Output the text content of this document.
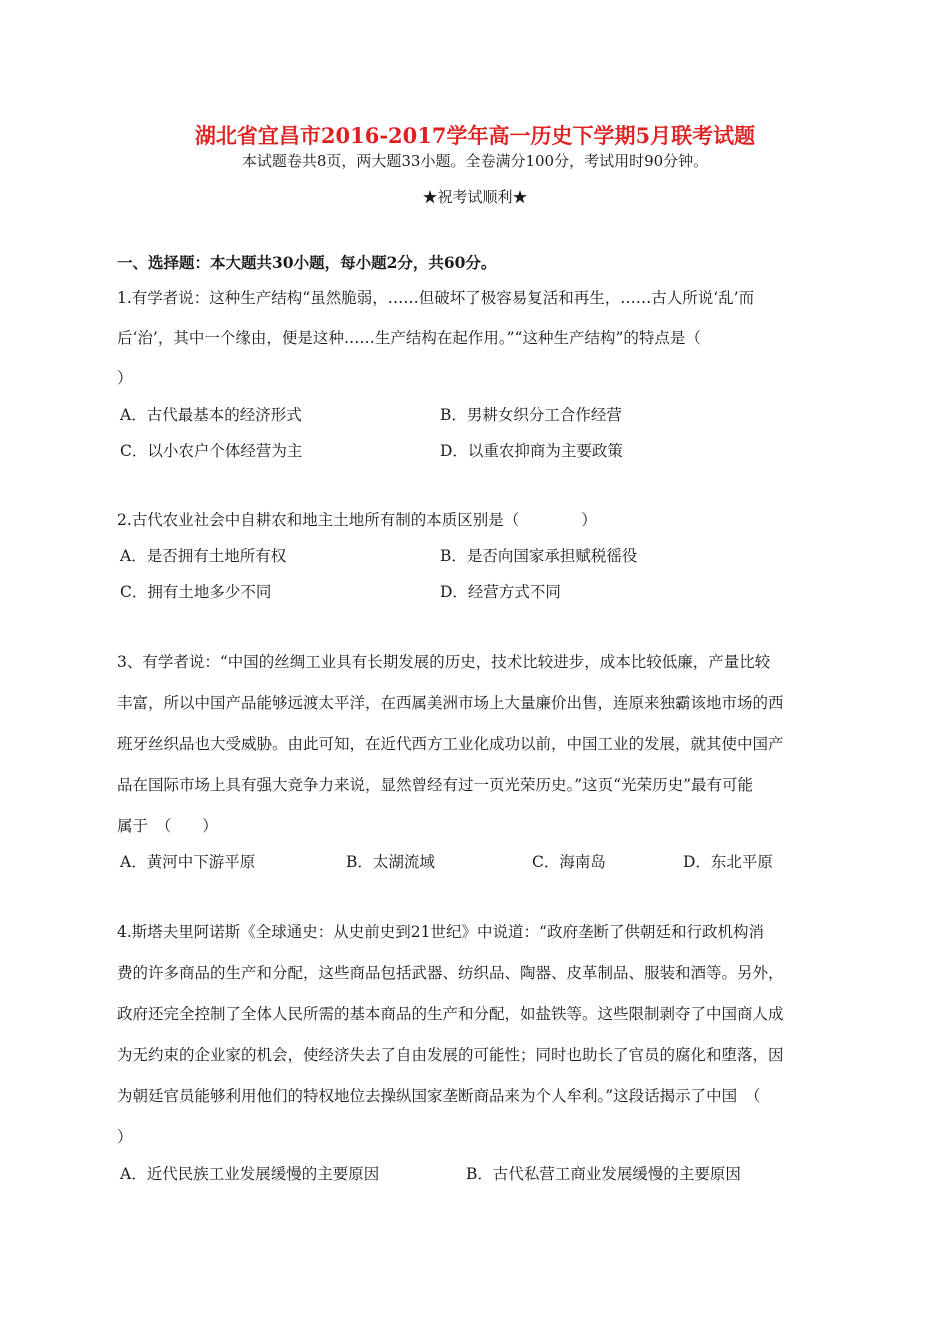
湖北省宜昌市2016-2017学年高一历史下学期5月联考试题
本试题卷共8页，两大题33小题。全卷满分100分，考试用时90分钟。
★祝考试顺利★
一、选择题：本大题共30小题，每小题2分，共60分。
1.有学者说：这种生产结构“虽然脆弱，……但破坏了极容易复活和再生，……古人所说‘乱’而
后‘治’，其中一个缘由，便是这种……生产结构在起作用。”“这种生产结构”的特点是（
）
A．古代最基本的经济形式	B．男耕女织分工合作经营
C．以小农户个体经营为主	D．以重农抑商为主要政策
2.古代农业社会中自耕农和地主土地所有制的本质区别是（　　　　）
A．是否拥有土地所有权	B．是否向国家承担赋税徭役
C．拥有土地多少不同	D．经营方式不同
3、有学者说：“中国的丝绸工业具有长期发展的历史，技术比较进步，成本比较低廉，产量比较
丰富，所以中国产品能够远渡太平洋，在西属美洲市场上大量廉价出售，连原来独霸该地市场的西
班牙丝织品也大受威胁。由此可知，在近代西方工业化成功以前，中国工业的发展，就其使中国产
品在国际市场上具有强大竞争力来说，显然曾经有过一页光荣历史。”这页“光荣历史”最有可能
属于　（　　）
A．黄河中下游平原	B．太湖流域	C．海南岛	D．东北平原
4.斯塔夫里阿诺斯《全球通史：从史前史到21世纪》中说道：“政府垄断了供朝廷和行政机构消
费的许多商品的生产和分配，这些商品包括武器、纺织品、陶器、皮革制品、服装和酒等。另外，
政府还完全控制了全体人民所需的基本商品的生产和分配，如盐铁等。这些限制剥夺了中国商人成
为无约束的企业家的机会，使经济失去了自由发展的可能性；同时也助长了官员的腐化和堕落，因
为朝廷官员能够利用他们的特权地位去操纵国家垄断商品来为个人牟利。”这段话揭示了中国　（
）
A．近代民族工业发展缓慢的主要原因	B．古代私营工商业发展缓慢的主要原因
